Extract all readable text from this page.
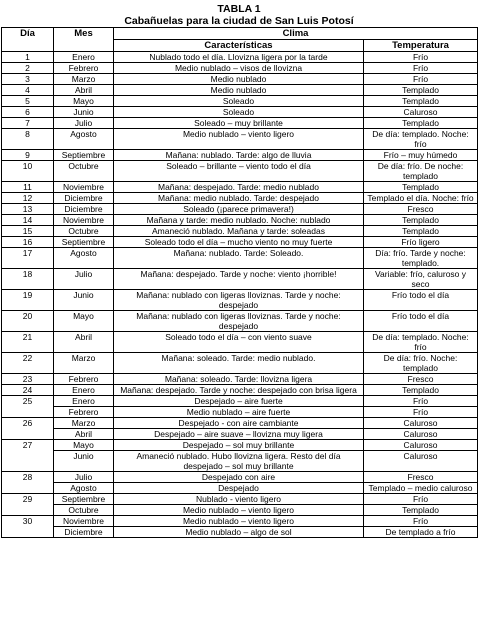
TABLA 1

Cabañuelas para la ciudad de San Luis Potosí

Día	Mes	Clima	
		Características	Temperatura
1	Enero	Nublado todo el día. Llovizna ligera por la tarde	Frío
2	Febrero	Medio nublado – visos de llovizna	Frío
3	Marzo	Medio nublado	Frío
4	Abril	Medio nublado	Templado
5	Mayo	Soleado	Templado
6	Junio	Soleado	Caluroso
7	Julio	Soleado – muy brillante	Templado
8	Agosto	Medio nublado – viento ligero	De día: templado. Noche: frío
9	Septiembre	Mañana: nublado. Tarde: algo de lluvia	Frío – muy húmedo
10	Octubre	Soleado – brillante – viento todo el día	De día: frío. De noche: templado
11	Noviembre	Mañana: despejado. Tarde: medio nublado	Templado
12	Diciembre	Mañana: medio nublado. Tarde: despejado	Templado el día. Noche: frío
13	Diciembre	Soleado (¡parece primavera!)	Fresco
14	Noviembre	Mañana y tarde: medio nublado. Noche: nublado	Templado
15	Octubre	Amaneció nublado. Mañana y tarde: soleadas	Templado
16	Septiembre	Soleado todo el día – mucho viento no muy fuerte	Frío ligero
17	Agosto	Mañana: nublado. Tarde: Soleado.	Día: frío. Tarde y noche: templado.
18	Julio	Mañana: despejado. Tarde y noche: viento ¡horrible!	Variable: frío, caluroso y seco
19	Junio	Mañana: nublado con ligeras lloviznas. Tarde y noche: despejado	Frío todo el día
20	Mayo	Mañana: nublado con ligeras lloviznas. Tarde y noche: despejado	Frío todo el día
21	Abril	Soleado todo el día – con viento suave	De día: templado. Noche: frío
22	Marzo	Mañana: soleado. Tarde: medio nublado.	De día: frío. Noche: templado
23	Febrero	Mañana: soleado. Tarde: llovizna ligera	Fresco
24	Enero	Mañana: despejado. Tarde y noche: despejado con brisa ligera	Templado
25	Enero	Despejado – aire fuerte	Frío
	Febrero	Medio nublado – aire fuerte	Frío
26	Marzo	Despejado - con aire cambiante	Caluroso
	Abril	Despejado – aire suave – llovizna muy ligera	Caluroso
27	Mayo	Despejado – sol muy brillante	Caluroso
	Junio	Amaneció nublado. Hubo llovizna ligera. Resto del día despejado – sol muy brillante	Caluroso
28	Julio	Despejado con aire	Fresco
	Agosto	Despejado	Templado – medio caluroso
29	Septiembre	Nublado - viento ligero	Frío
	Octubre	Medio nublado – viento ligero	Templado
30	Noviembre	Medio nublado – viento ligero	Frío
	Diciembre	Medio nublado – algo de sol	De templado a frío
